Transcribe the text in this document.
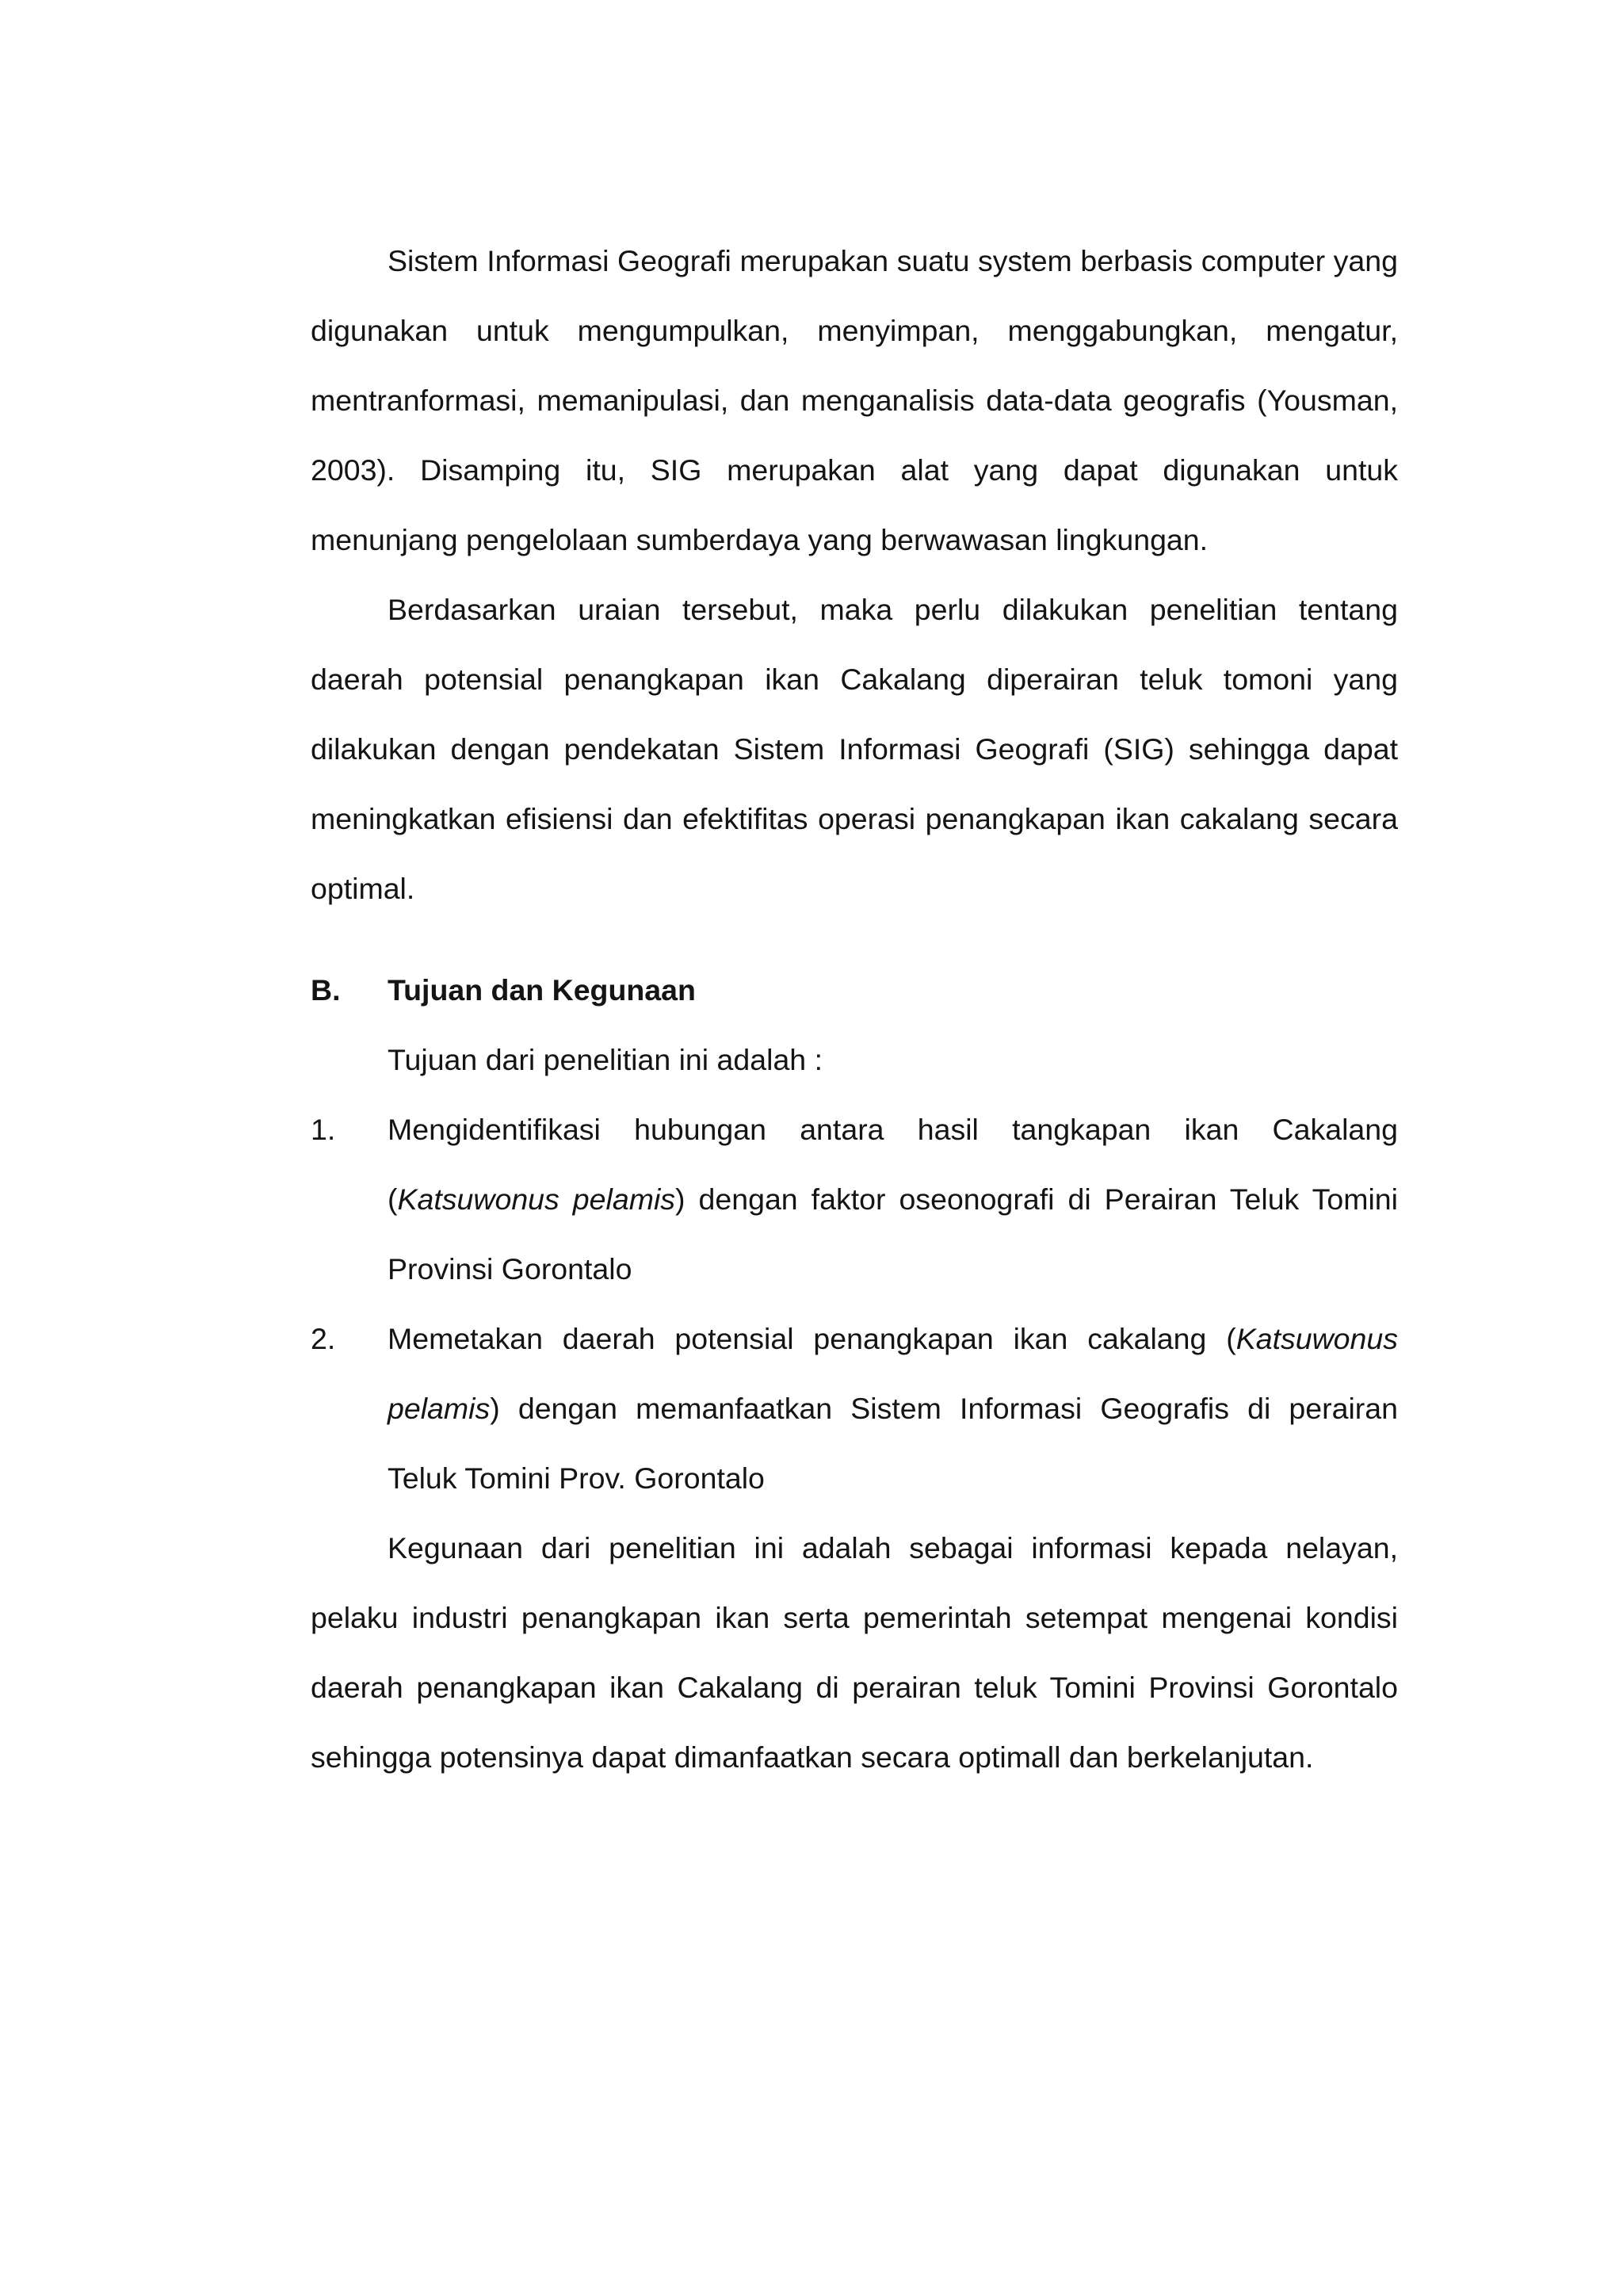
Sistem Informasi Geografi merupakan suatu system berbasis computer yang digunakan untuk mengumpulkan, menyimpan, menggabungkan, mengatur, mentranformasi, memanipulasi, dan menganalisis data-data geografis (Yousman, 2003). Disamping itu, SIG merupakan alat yang dapat digunakan untuk menunjang pengelolaan sumberdaya yang berwawasan lingkungan.

Berdasarkan uraian tersebut, maka perlu dilakukan penelitian tentang daerah potensial penangkapan ikan Cakalang diperairan teluk tomoni yang dilakukan dengan pendekatan Sistem Informasi Geografi (SIG) sehingga dapat meningkatkan efisiensi dan efektifitas operasi penangkapan ikan cakalang secara optimal.

B.	Tujuan dan Kegunaan

Tujuan dari penelitian ini adalah :

1.	Mengidentifikasi hubungan antara hasil tangkapan ikan Cakalang (Katsuwonus pelamis) dengan faktor oseonografi di Perairan Teluk Tomini Provinsi Gorontalo
2.	Memetakan daerah potensial penangkapan ikan cakalang (Katsuwonus pelamis) dengan memanfaatkan Sistem Informasi Geografis di perairan Teluk Tomini Prov. Gorontalo

Kegunaan dari penelitian ini adalah sebagai informasi kepada nelayan, pelaku industri penangkapan ikan serta pemerintah setempat mengenai kondisi daerah penangkapan ikan Cakalang di perairan teluk Tomini Provinsi Gorontalo sehingga potensinya dapat dimanfaatkan secara optimall dan berkelanjutan.
